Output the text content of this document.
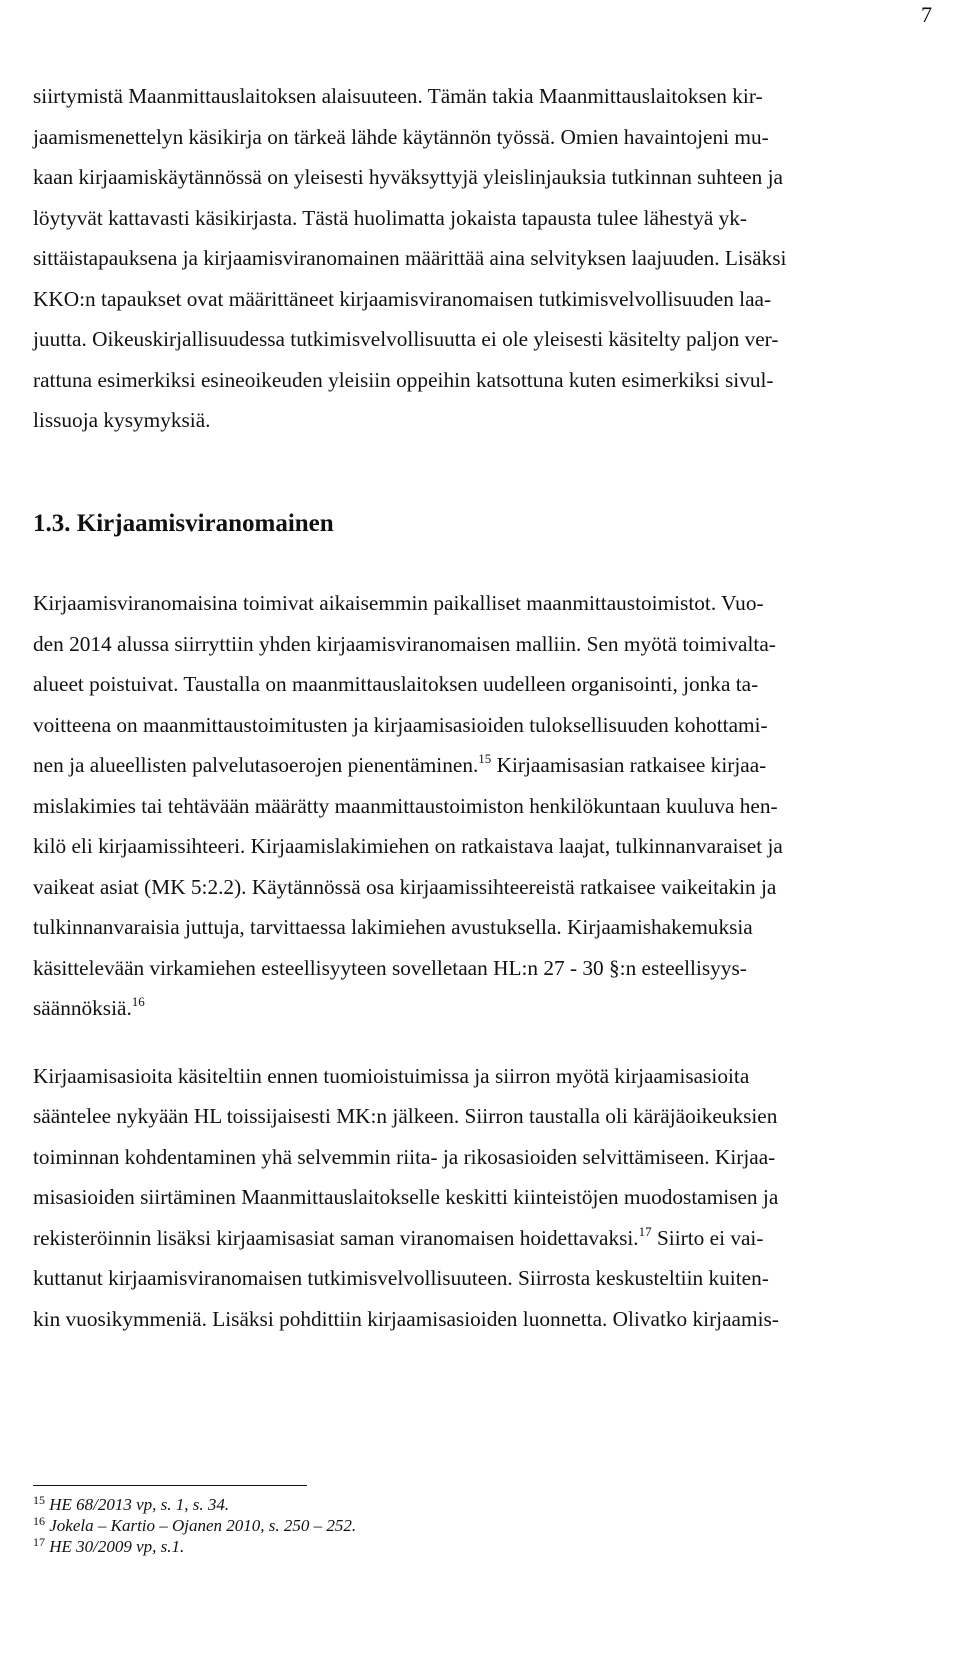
7

siirtymistä Maanmittauslaitoksen alaisuuteen. Tämän takia Maanmittauslaitoksen kir-
jaamismenettelyn käsikirja on tärkeä lähde käytännön työssä. Omien havaintojeni mu-
kaan kirjaamiskäytännössä on yleisesti hyväksyttyjä yleislinjauksia tutkinnan suhteen ja
löytyvät kattavasti käsikirjasta. Tästä huolimatta jokaista tapausta tulee lähestyä yk-
sittäistapauksena ja kirjaamisviranomainen määrittää aina selvityksen laajuuden. Lisäksi
KKO:n tapaukset ovat määrittäneet kirjaamisviranomaisen tutkimisvelvollisuuden laa-
juutta. Oikeuskirjallisuudessa tutkimisvelvollisuutta ei ole yleisesti käsitelty paljon ver-
rattuna esimerkiksi esineoikeuden yleisiin oppeihin katsottuna kuten esimerkiksi sivul-
lissuoja kysymyksiä.

1.3. Kirjaamisviranomainen

Kirjaamisviranomaisina toimivat aikaisemmin paikalliset maanmittaustoimistot. Vuo-
den 2014 alussa siirryttiin yhden kirjaamisviranomaisen malliin. Sen myötä toimivalta-
alueet poistuivat. Taustalla on maanmittauslaitoksen uudelleen organisointi, jonka ta-
voitteena on maanmittaustoimitusten ja kirjaamisasioiden tuloksellisuuden kohottami-
nen ja alueellisten palvelutasoerojen pienentäminen.$^{15}$ Kirjaamisasian ratkaisee kirjaa-
mislakimies tai tehtävään määrätty maanmittaustoimiston henkilökuntaan kuuluva hen-
kilö eli kirjaamissihteeri. Kirjaamislakimiehen on ratkaistava laajat, tulkinnanvaraiset ja
vaikeat asiat (MK 5:2.2). Käytännössä osa kirjaamissihteereistä ratkaisee vaikeitakin ja
tulkinnanvaraisia juttuja, tarvittaessa lakimiehen avustuksella. Kirjaamishakemuksia
käsittelevään virkamiehen esteellisyyteen sovelletaan HL:n 27 - 30 §:n esteellisyys-
säännöksiä.$^{16}$

Kirjaamisasioita käsiteltiin ennen tuomioistuimissa ja siirron myötä kirjaamisasioita
sääntelee nykyään HL toissijaisesti MK:n jälkeen. Siirron taustalla oli käräjäoikeuksien
toiminnan kohdentaminen yhä selvemmin riita- ja rikosasioiden selvittämiseen. Kirjaa-
misasioiden siirtäminen Maanmittauslaitokselle keskitti kiinteistöjen muodostamisen ja
rekisteröinnin lisäksi kirjaamisasiat saman viranomaisen hoidettavaksi.$^{17}$ Siirto ei vai-
kuttanut kirjaamisviranomaisen tutkimisvelvollisuuteen. Siirrosta keskusteltiin kuiten-
kin vuosikymmeniä. Lisäksi pohdittiin kirjaamisasioiden luonnetta. Olivatko kirjaamis-

$^{15}$ HE 68/2013 vp, s. 1, s. 34.
$^{16}$ Jokela – Kartio – Ojanen 2010, s. 250 – 252.
$^{17}$ HE 30/2009 vp, s.1.
